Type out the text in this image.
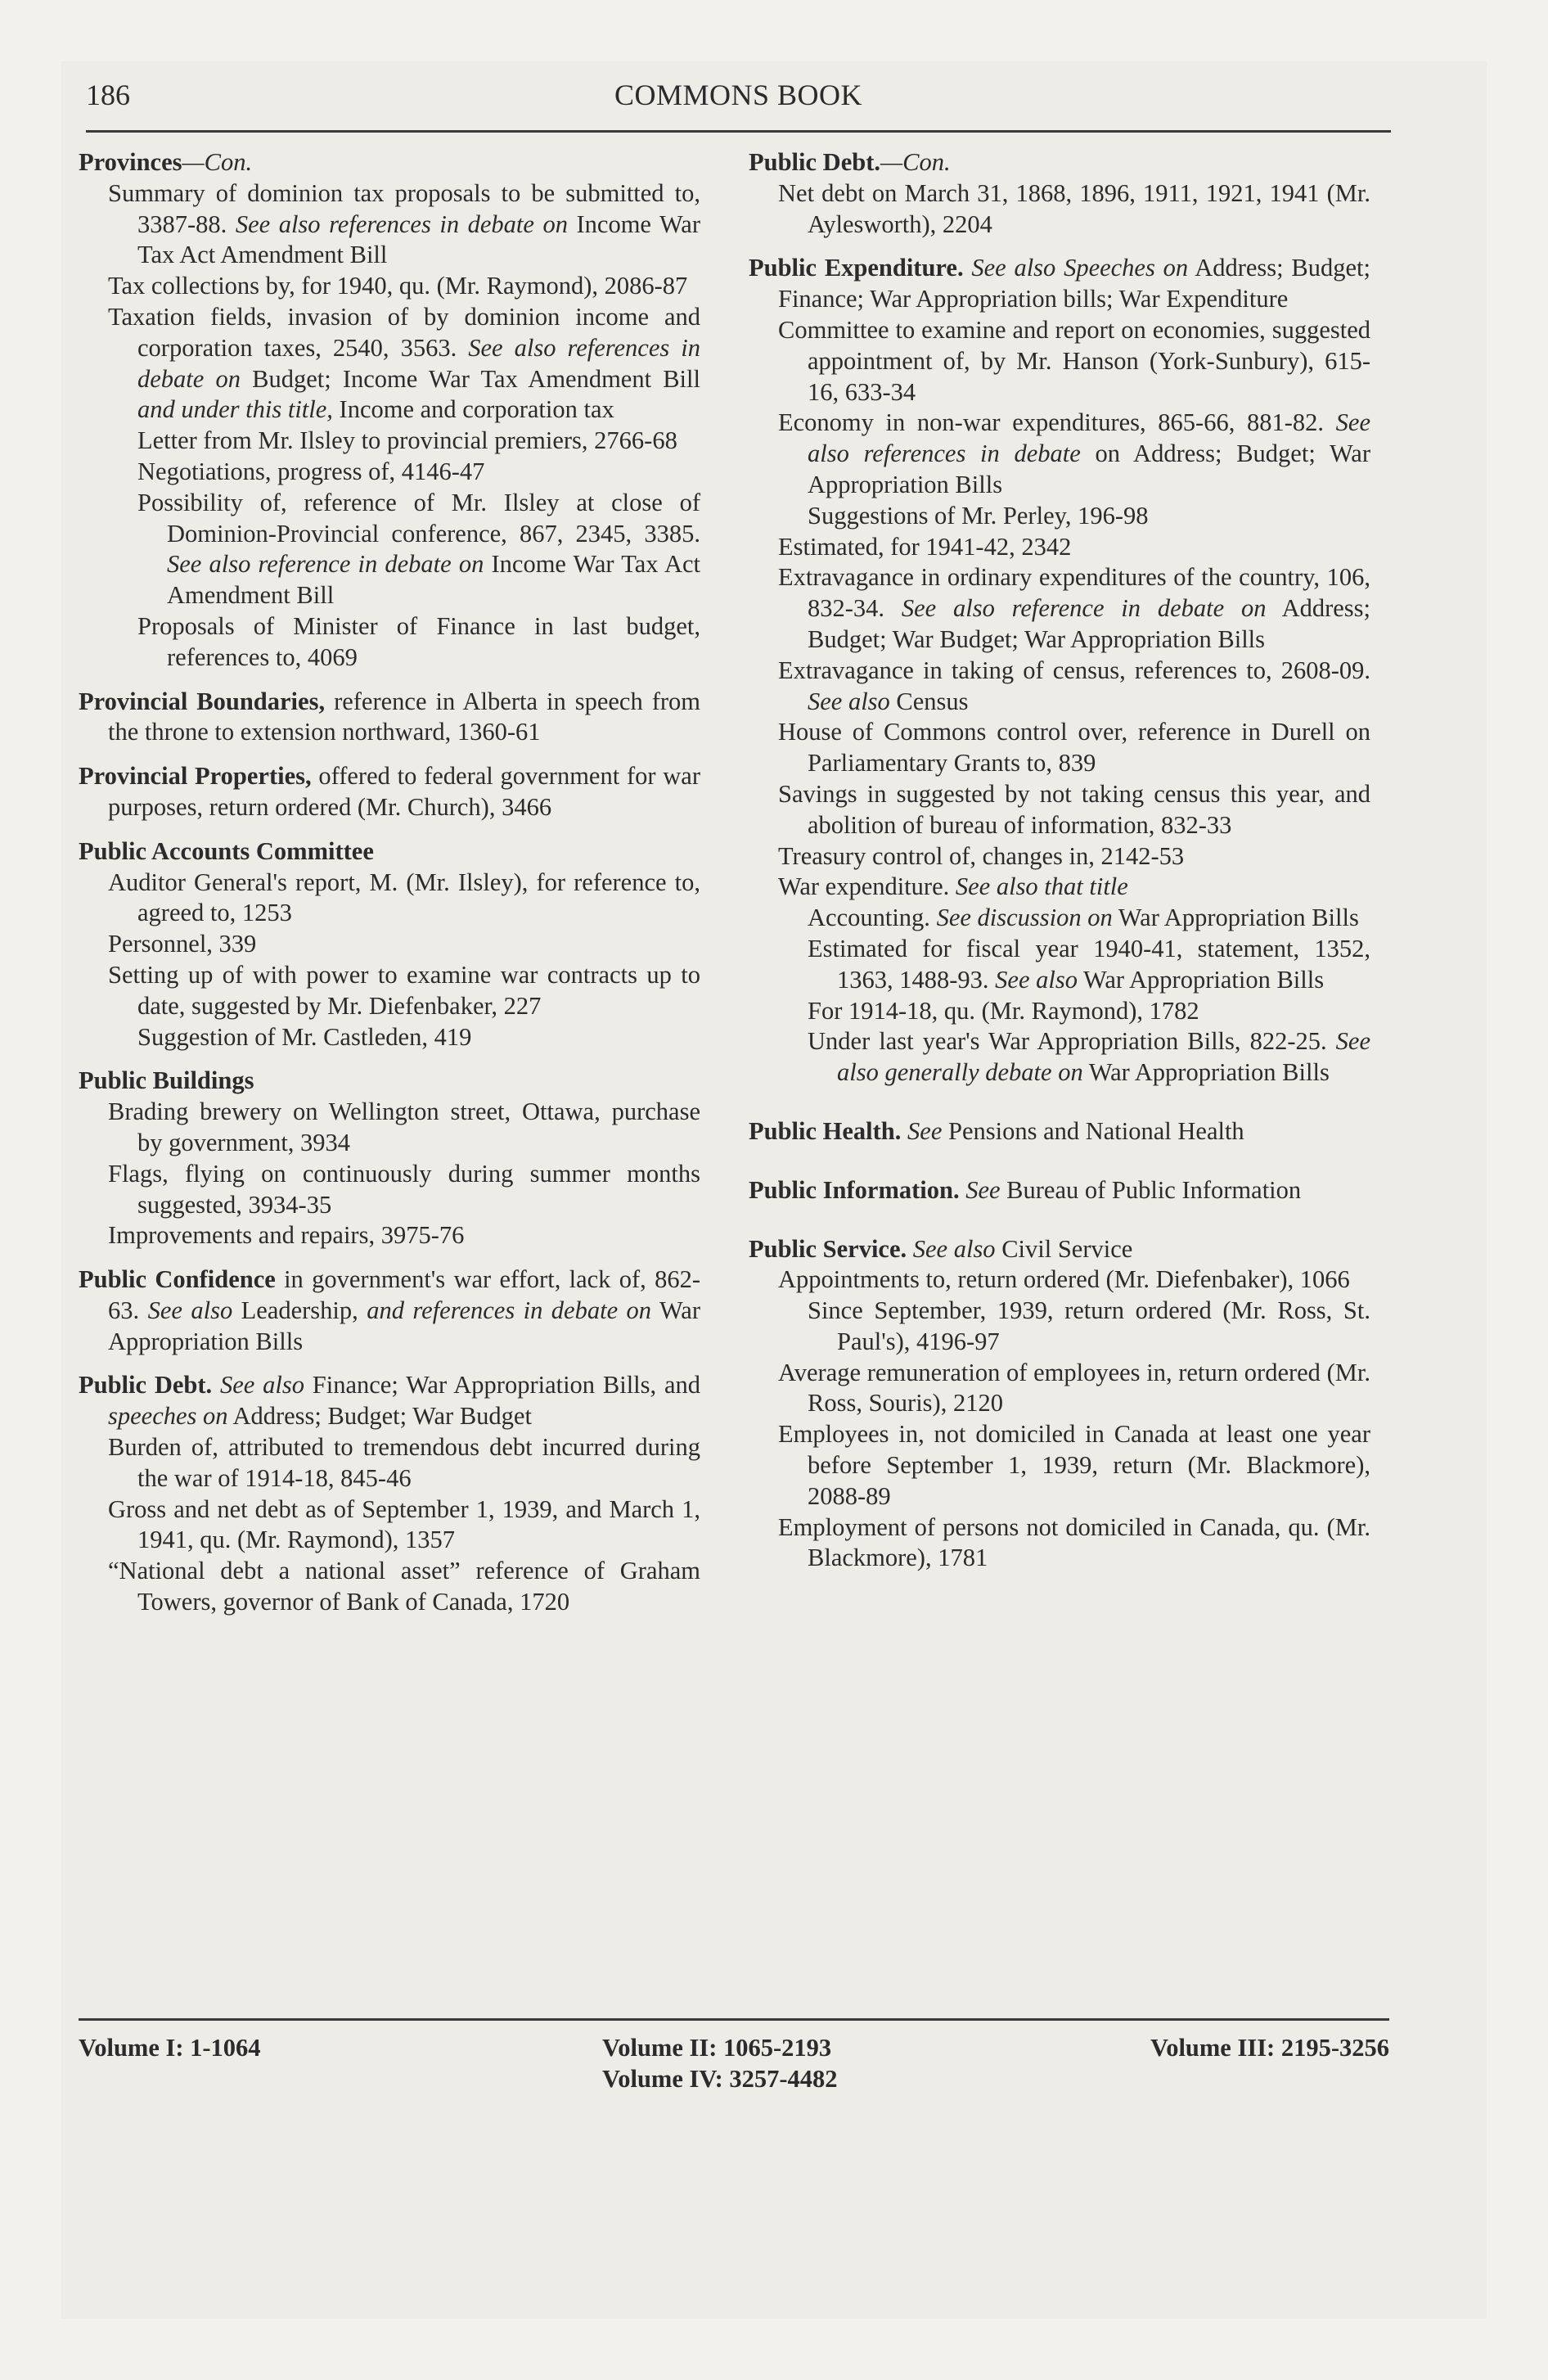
186	COMMONS BOOK

Provinces—Con.

Summary of dominion tax proposals to be submitted to, 3387-88. See also references in debate on Income War Tax Act Amendment Bill

Tax collections by, for 1940, qu. (Mr. Raymond), 2086-87

Taxation fields, invasion of by dominion income and corporation taxes, 2540, 3563. See also references in debate on Budget; Income War Tax Amendment Bill and under this title, Income and corporation tax

Letter from Mr. Ilsley to provincial premiers, 2766-68

Negotiations, progress of, 4146-47

Possibility of, reference of Mr. Ilsley at close of Dominion-Provincial conference, 867, 2345, 3385. See also reference in debate on Income War Tax Act Amendment Bill

Proposals of Minister of Finance in last budget, references to, 4069

Provincial Boundaries, reference in Alberta in speech from the throne to extension northward, 1360-61

Provincial Properties, offered to federal government for war purposes, return ordered (Mr. Church), 3466

Public Accounts Committee

Auditor General's report, M. (Mr. Ilsley), for reference to, agreed to, 1253

Personnel, 339

Setting up of with power to examine war contracts up to date, suggested by Mr. Diefenbaker, 227

Suggestion of Mr. Castleden, 419

Public Buildings

Brading brewery on Wellington street, Ottawa, purchase by government, 3934

Flags, flying on continuously during summer months suggested, 3934-35

Improvements and repairs, 3975-76

Public Confidence in government's war effort, lack of, 862-63. See also Leadership, and references in debate on War Appropriation Bills

Public Debt. See also Finance; War Appropriation Bills, and speeches on Address; Budget; War Budget

Burden of, attributed to tremendous debt incurred during the war of 1914-18, 845-46

Gross and net debt as of September 1, 1939, and March 1, 1941, qu. (Mr. Raymond), 1357

“National debt a national asset” reference of Graham Towers, governor of Bank of Canada, 1720

Public Debt.—Con.

Net debt on March 31, 1868, 1896, 1911, 1921, 1941 (Mr. Aylesworth), 2204

Public Expenditure. See also Speeches on Address; Budget; Finance; War Appropriation bills; War Expenditure

Committee to examine and report on economies, suggested appointment of, by Mr. Hanson (York-Sunbury), 615-16, 633-34

Economy in non-war expenditures, 865-66, 881-82. See also references in debate on Address; Budget; War Appropriation Bills

Suggestions of Mr. Perley, 196-98

Estimated, for 1941-42, 2342

Extravagance in ordinary expenditures of the country, 106, 832-34. See also reference in debate on Address; Budget; War Budget; War Appropriation Bills

Extravagance in taking of census, references to, 2608-09. See also Census

House of Commons control over, reference in Durell on Parliamentary Grants to, 839

Savings in suggested by not taking census this year, and abolition of bureau of information, 832-33

Treasury control of, changes in, 2142-53

War expenditure. See also that title

Accounting. See discussion on War Appropriation Bills

Estimated for fiscal year 1940-41, statement, 1352, 1363, 1488-93. See also War Appropriation Bills

For 1914-18, qu. (Mr. Raymond), 1782

Under last year's War Appropriation Bills, 822-25. See also generally debate on War Appropriation Bills

Public Health. See Pensions and National Health

Public Information. See Bureau of Public Information

Public Service. See also Civil Service

Appointments to, return ordered (Mr. Diefenbaker), 1066

Since September, 1939, return ordered (Mr. Ross, St. Paul's), 4196-97

Average remuneration of employees in, return ordered (Mr. Ross, Souris), 2120

Employees in, not domiciled in Canada at least one year before September 1, 1939, return (Mr. Blackmore), 2088-89

Employment of persons not domiciled in Canada, qu. (Mr. Blackmore), 1781

Volume I: 1-1064	Volume II: 1065-2193
Volume IV: 3257-4482
Volume III: 2195-3256
